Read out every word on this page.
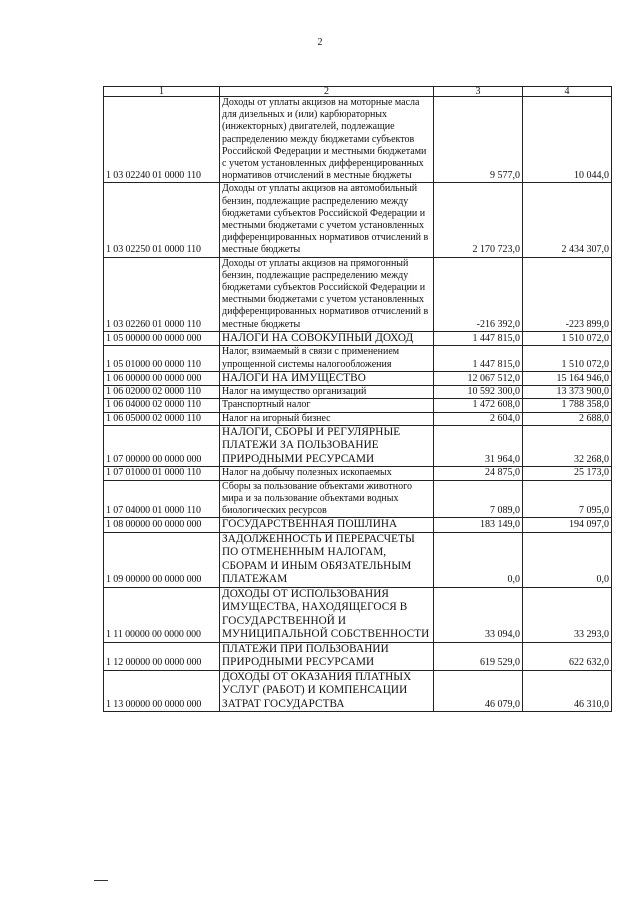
2
1	2	3	4
1 03 02240 01 0000 110	Доходы от уплаты акцизов на моторные масла для дизельных и (или) карбюраторных (инжекторных) двигателей, подлежащие распределению между бюджетами субъектов Российской Федерации и местными бюджетами с учетом установленных дифференцированных нормативов отчислений в местные бюджеты	9 577,0	10 044,0
1 03 02250 01 0000 110	Доходы от уплаты акцизов на автомобильный бензин, подлежащие распределению между бюджетами субъектов Российской Федерации и местными бюджетами с учетом установленных дифференцированных нормативов отчислений в местные бюджеты	2 170 723,0	2 434 307,0
1 03 02260 01 0000 110	Доходы от уплаты акцизов на прямогонный бензин, подлежащие распределению между бюджетами субъектов Российской Федерации и местными бюджетами с учетом установленных дифференцированных нормативов отчислений в местные бюджеты	-216 392,0	-223 899,0
1 05 00000 00 0000 000	НАЛОГИ НА СОВОКУПНЫЙ ДОХОД	1 447 815,0	1 510 072,0
1 05 01000 00 0000 110	Налог, взимаемый в связи с применением упрощенной системы налогообложения	1 447 815,0	1 510 072,0
1 06 00000 00 0000 000	НАЛОГИ НА ИМУЩЕСТВО	12 067 512,0	15 164 946,0
1 06 02000 02 0000 110	Налог на имущество организаций	10 592 300,0	13 373 900,0
1 06 04000 02 0000 110	Транспортный налог	1 472 608,0	1 788 358,0
1 06 05000 02 0000 110	Налог на игорный бизнес	2 604,0	2 688,0
1 07 00000 00 0000 000	НАЛОГИ, СБОРЫ И РЕГУЛЯРНЫЕ ПЛАТЕЖИ ЗА ПОЛЬЗОВАНИЕ ПРИРОДНЫМИ РЕСУРСАМИ	31 964,0	32 268,0
1 07 01000 01 0000 110	Налог на добычу полезных ископаемых	24 875,0	25 173,0
1 07 04000 01 0000 110	Сборы за пользование объектами животного мира и за пользование объектами водных биологических ресурсов	7 089,0	7 095,0
1 08 00000 00 0000 000	ГОСУДАРСТВЕННАЯ ПОШЛИНА	183 149,0	194 097,0
1 09 00000 00 0000 000	ЗАДОЛЖЕННОСТЬ И ПЕРЕРАСЧЕТЫ ПО ОТМЕНЕННЫМ НАЛОГАМ, СБОРАМ И ИНЫМ ОБЯЗАТЕЛЬНЫМ ПЛАТЕЖАМ	0,0	0,0
1 11 00000 00 0000 000	ДОХОДЫ ОТ ИСПОЛЬЗОВАНИЯ ИМУЩЕСТВА, НАХОДЯЩЕГОСЯ В ГОСУДАРСТВЕННОЙ И МУНИЦИПАЛЬНОЙ СОБСТВЕННОСТИ	33 094,0	33 293,0
1 12 00000 00 0000 000	ПЛАТЕЖИ ПРИ ПОЛЬЗОВАНИИ ПРИРОДНЫМИ РЕСУРСАМИ	619 529,0	622 632,0
1 13 00000 00 0000 000	ДОХОДЫ ОТ ОКАЗАНИЯ ПЛАТНЫХ УСЛУГ (РАБОТ) И КОМПЕНСАЦИИ ЗАТРАТ ГОСУДАРСТВА	46 079,0	46 310,0
